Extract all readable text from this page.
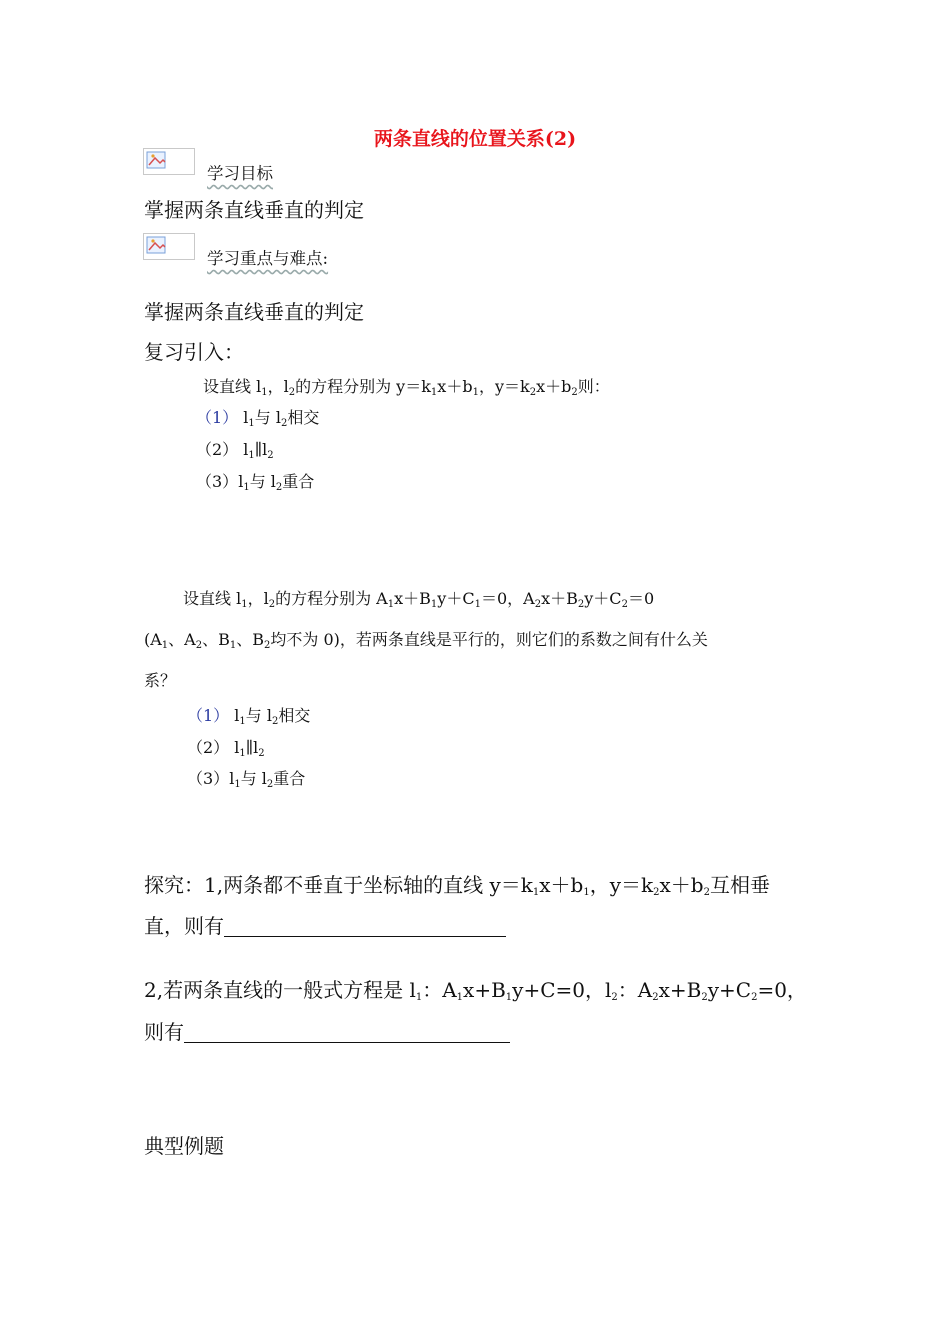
两条直线的位置关系(2)
学习目标
掌握两条直线垂直的判定
学习重点与难点:
掌握两条直线垂直的判定
复习引入：
设直线 $l_1$，$l_2$的方程分别为 $y=k_1x+b_1$，$y=k_2x+b_2$则：
（1） $l_1$与 $l_2$相交
（2） $l_1\parallel l_2$
$(3)l_1$与 $l_2$重合
设直线 $l_1$，$l_2$的方程分别为 $A_1x+B_1y+C_1=0$，$A_2x+B_2y+C_2=0$
($A_1$、$A_2$、$B_1$、$B_2$均不为 0)，若两条直线是平行的，则它们的系数之间有什么关
系？
（1） $l_1$与 $l_2$相交
（2） $l_1\parallel l_2$
$(3)l_1$与 $l_2$重合
探究：1,两条都不垂直于坐标轴的直线 $y=k_1x+b_1$，$y=k_2x+b_2$互相垂
直，则有
2,若两条直线的一般式方程是 $l_1$：$A_1x+B_1y+C=0$，$l_2$：$A_2x+B_2y+C_2=0$，
则有
典型例题
